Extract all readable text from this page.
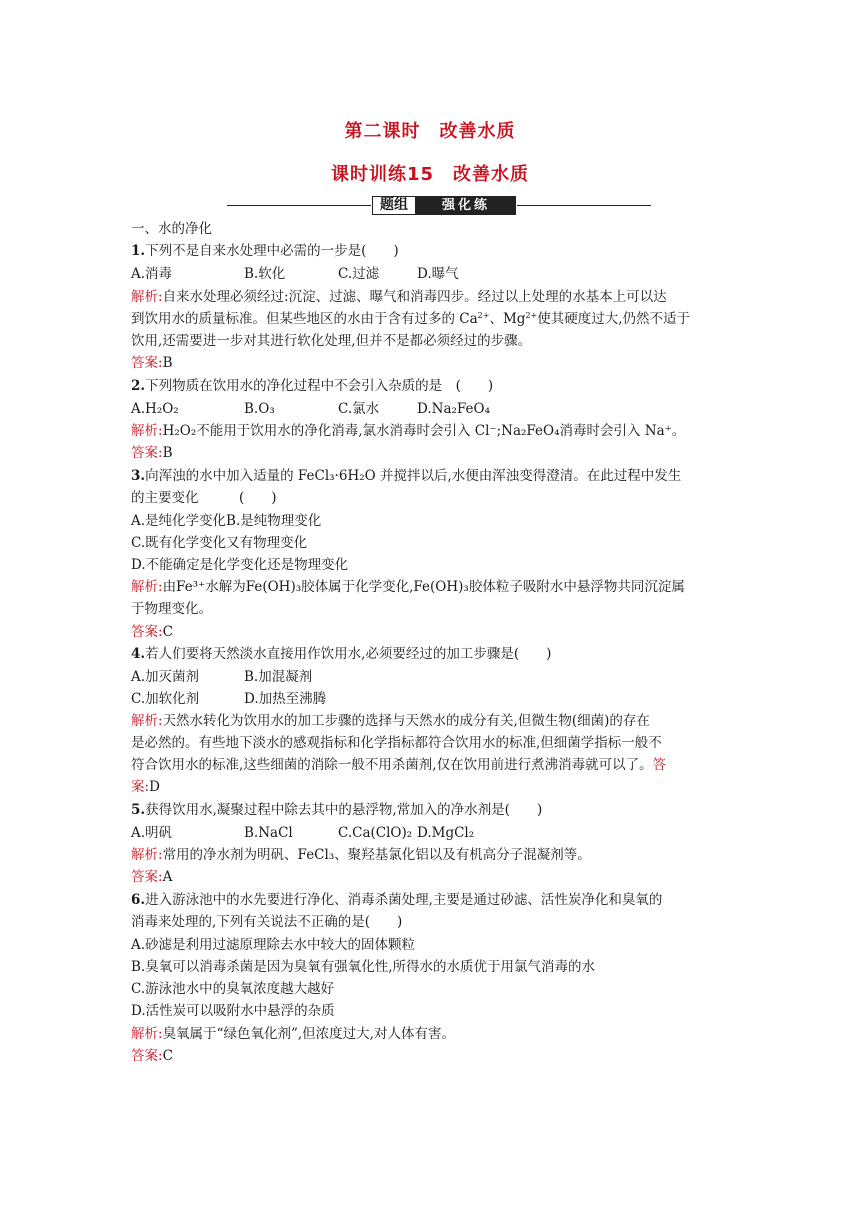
第二课时　改善水质
课时训练15　改善水质
题组	强化练
一、水的净化
1.下列不是自来水处理中必需的一步是(　　)
A.消毒	B.软化	C.过滤	D.曝气
解析:自来水处理必须经过:沉淀、过滤、曝气和消毒四步。经过以上处理的水基本上可以达
到饮用水的质量标准。但某些地区的水由于含有过多的 $Ca^{2+}$、$Mg^{2+}$使其硬度过大,仍然不适于
饮用,还需要进一步对其进行软化处理,但并不是都必须经过的步骤。
答案:B
2.下列物质在饮用水的净化过程中不会引入杂质的是　(　　)
A.H₂O₂	B.O₃	C.氯水	D.Na₂FeO₄
解析:H₂O₂不能用于饮用水的净化消毒,氯水消毒时会引入 Cl⁻;Na₂FeO₄消毒时会引入 Na⁺。
答案:B
3.向浑浊的水中加入适量的 FeCl₃·6H₂O 并搅拌以后,水便由浑浊变得澄清。在此过程中发生
的主要变化　　　(　　)
A.是纯化学变化B.是纯物理变化
C.既有化学变化又有物理变化
D.不能确定是化学变化还是物理变化
解析:由Fe³⁺水解为Fe(OH)₃胶体属于化学变化,Fe(OH)₃胶体粒子吸附水中悬浮物共同沉淀属
于物理变化。
答案:C
4.若人们要将天然淡水直接用作饮用水,必须要经过的加工步骤是(　　)
A.加灭菌剂	B.加混凝剂
C.加软化剂	D.加热至沸腾
解析:天然水转化为饮用水的加工步骤的选择与天然水的成分有关,但微生物(细菌)的存在
是必然的。有些地下淡水的感观指标和化学指标都符合饮用水的标准,但细菌学指标一般不
符合饮用水的标准,这些细菌的消除一般不用杀菌剂,仅在饮用前进行煮沸消毒就可以了。答
案:D
5.获得饮用水,凝聚过程中除去其中的悬浮物,常加入的净水剂是(　　)
A.明矾	B.NaCl	C.Ca(ClO)₂ D.MgCl₂
解析:常用的净水剂为明矾、FeCl₃、聚羟基氯化铝以及有机高分子混凝剂等。
答案:A
6.进入游泳池中的水先要进行净化、消毒杀菌处理,主要是通过砂滤、活性炭净化和臭氧的
消毒来处理的,下列有关说法不正确的是(　　)
A.砂滤是利用过滤原理除去水中较大的固体颗粒
B.臭氧可以消毒杀菌是因为臭氧有强氧化性,所得水的水质优于用氯气消毒的水
C.游泳池水中的臭氧浓度越大越好
D.活性炭可以吸附水中悬浮的杂质
解析:臭氧属于“绿色氧化剂”,但浓度过大,对人体有害。
答案:C
